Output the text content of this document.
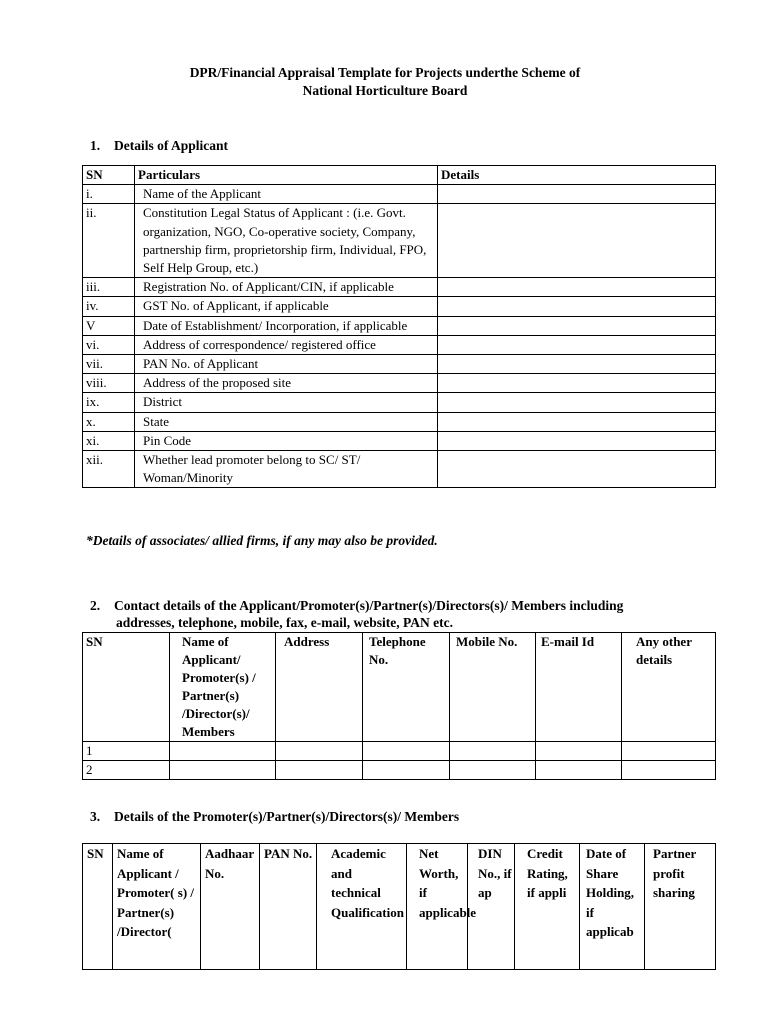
DPR/Financial Appraisal Template for Projects underthe Scheme of
National Horticulture Board
1. Details of Applicant
SN	Particulars	Details
i.	Name of the Applicant	
ii.	Constitution Legal Status of Applicant : (i.e. Govt. organization, NGO, Co-operative society, Company, partnership firm, proprietorship firm, Individual, FPO, Self Help Group, etc.)	
iii.	Registration No. of Applicant/CIN, if applicable	
iv.	GST No. of Applicant, if applicable	
V	Date of Establishment/ Incorporation, if applicable	
vi.	Address of correspondence/ registered office	
vii.	PAN No. of Applicant	
viii.	Address of the proposed site	
ix.	District	
x.	State	
xi.	Pin Code	
xii.	Whether lead promoter belong to SC/ ST/ Woman/Minority	
*Details of associates/ allied firms, if any may also be provided.
2. Contact details of the Applicant/Promoter(s)/Partner(s)/Directors(s)/ Members including
addresses, telephone, mobile, fax, e-mail, website, PAN etc.
SN	Name of Applicant/ Promoter(s) / Partner(s) /Director(s)/ Members	Address	Telephone No.	Mobile No.	E-mail Id	Any other details
1						
2						
3. Details of the Promoter(s)/Partner(s)/Directors(s)/ Members
SN	Name of Applicant / Promoter( s) / Partner(s) /Director(	Aadhaar No.	PAN No.	Academic and technical Qualification	Net Worth, if applicable	DIN No., if ap	Credit Rating, if appli	Date of Share Holding, if applicab	Partner profit sharing
